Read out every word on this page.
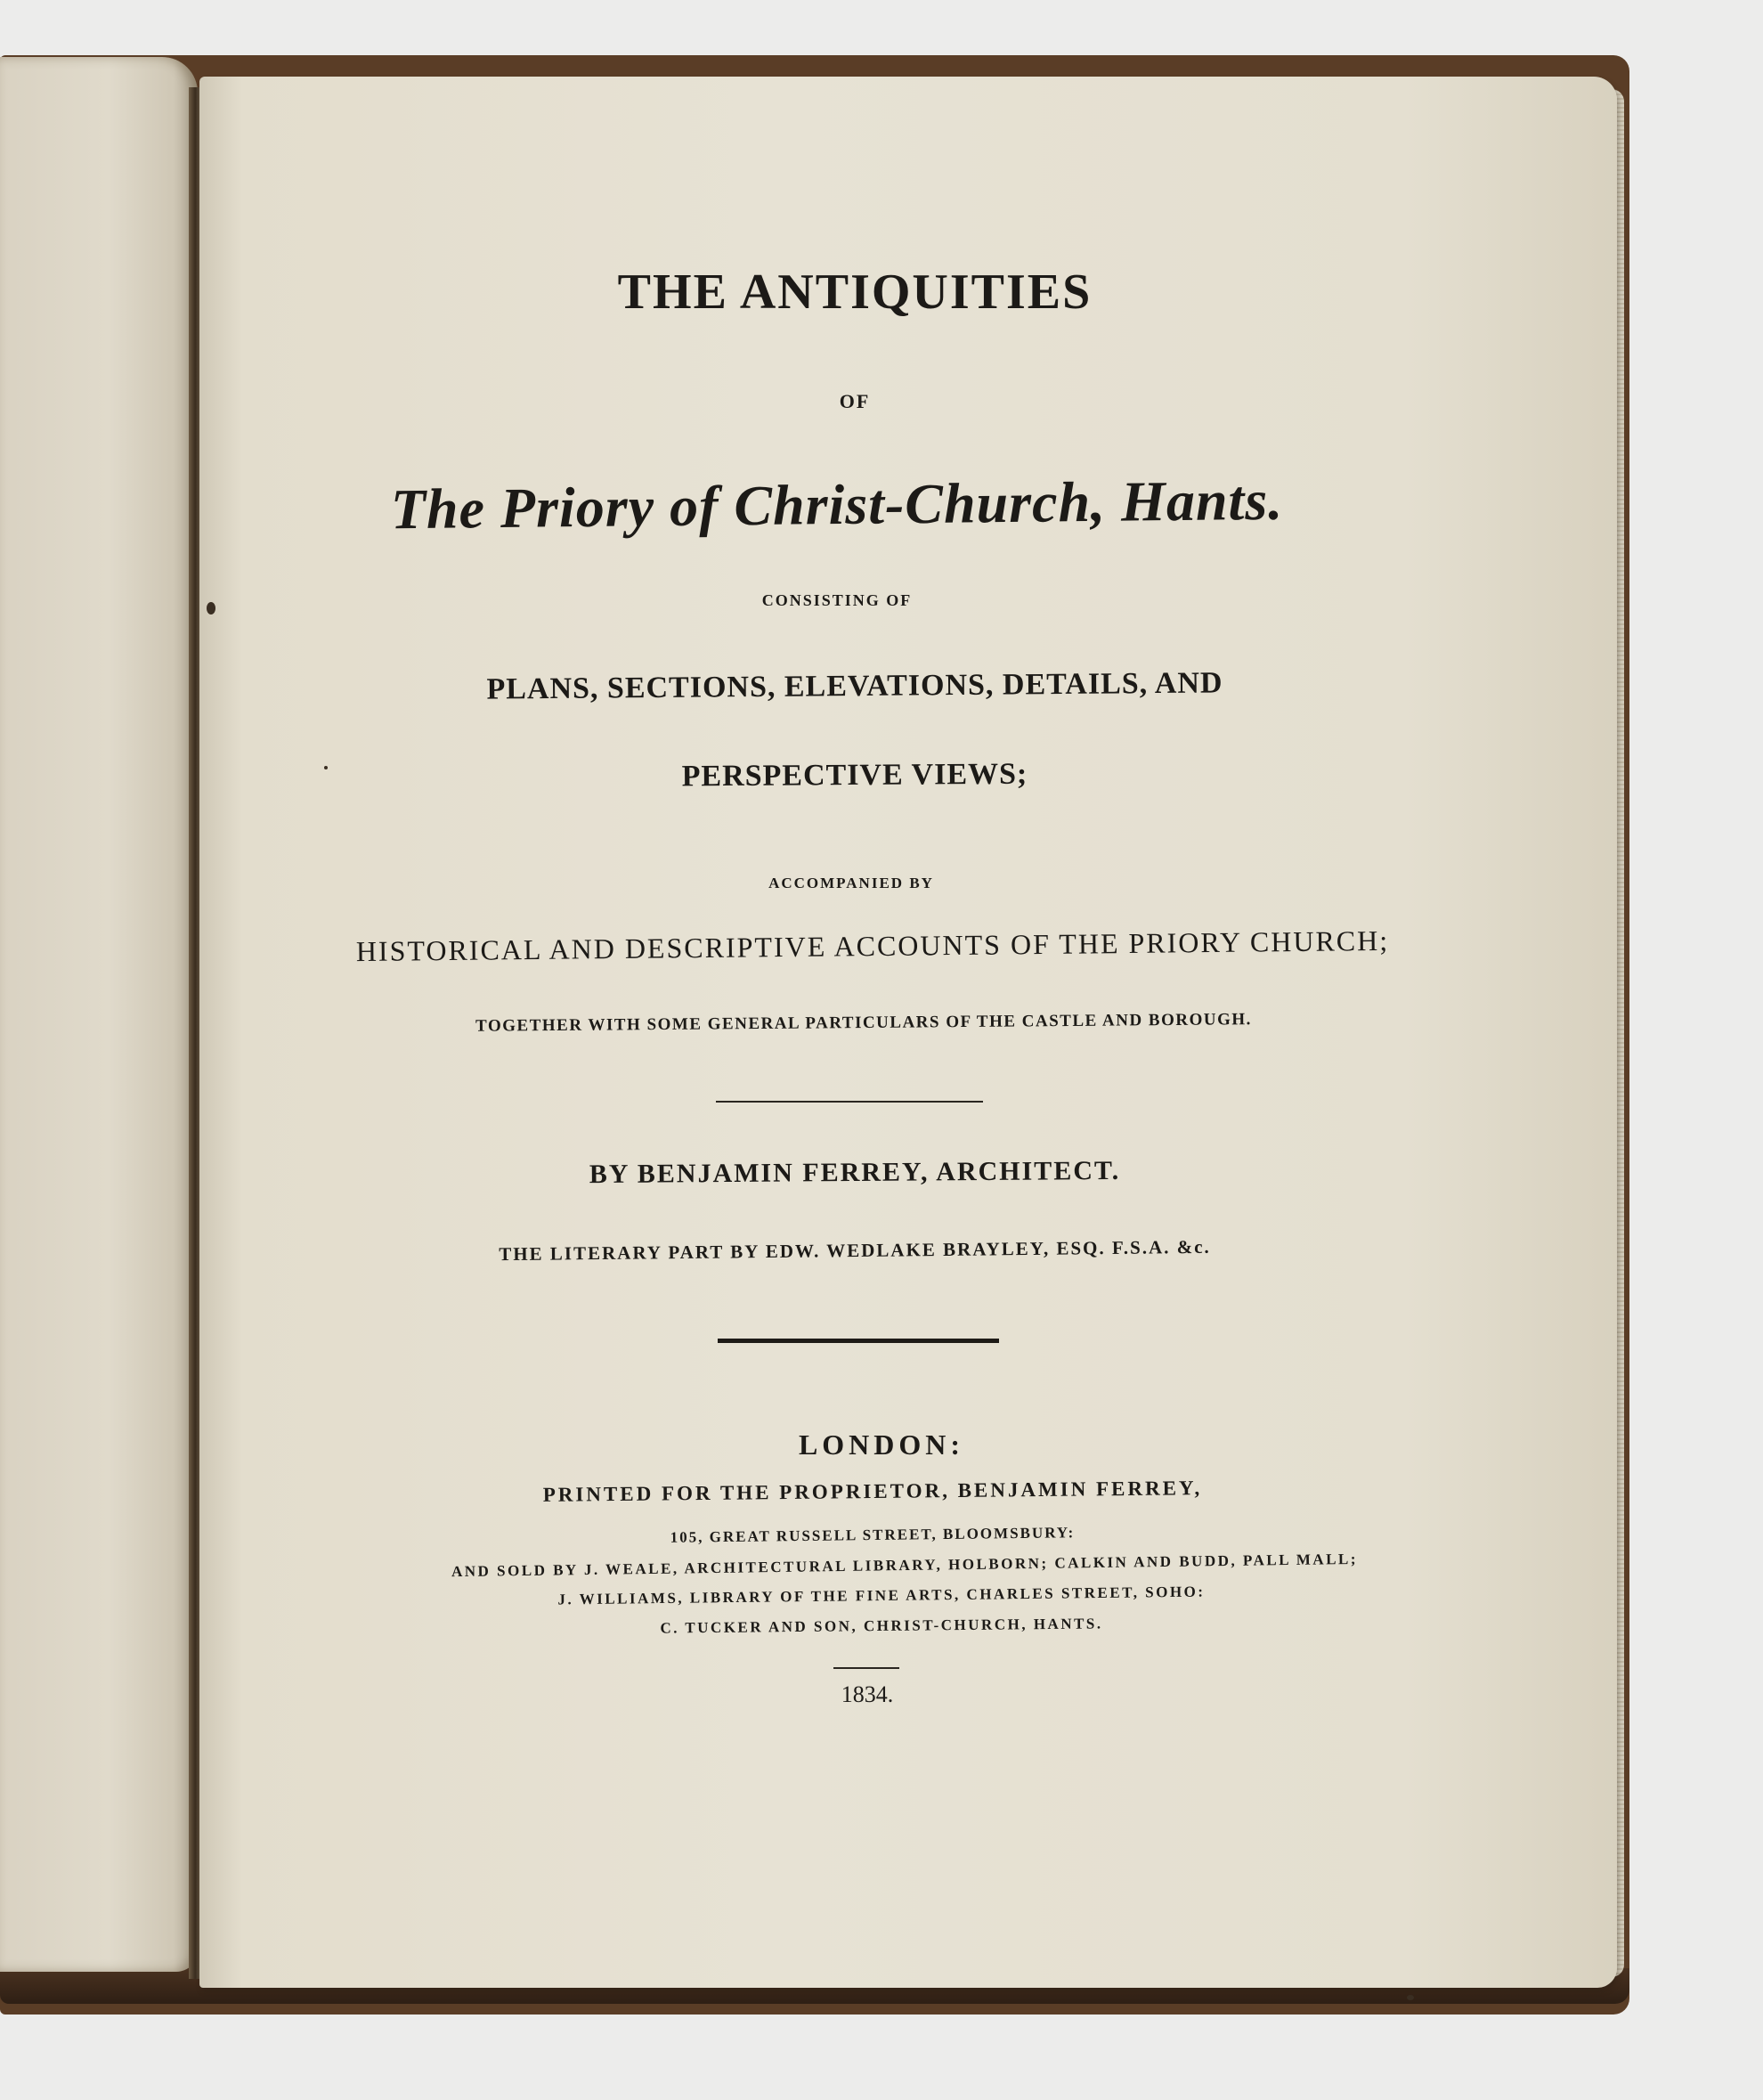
THE ANTIQUITIES
OF
The Priory of Christ-Church, Hants.
CONSISTING OF
PLANS, SECTIONS, ELEVATIONS, DETAILS, AND
PERSPECTIVE VIEWS;
ACCOMPANIED BY
HISTORICAL AND DESCRIPTIVE ACCOUNTS OF THE PRIORY CHURCH;
TOGETHER WITH SOME GENERAL PARTICULARS OF THE CASTLE AND BOROUGH.
BY BENJAMIN FERREY, ARCHITECT.
THE LITERARY PART BY EDW. WEDLAKE BRAYLEY, ESQ. F.S.A. &c.
LONDON:
PRINTED FOR THE PROPRIETOR, BENJAMIN FERREY,
105, GREAT RUSSELL STREET, BLOOMSBURY:
AND SOLD BY J. WEALE, ARCHITECTURAL LIBRARY, HOLBORN; CALKIN AND BUDD, PALL MALL;
J. WILLIAMS, LIBRARY OF THE FINE ARTS, CHARLES STREET, SOHO:
C. TUCKER AND SON, CHRIST-CHURCH, HANTS.
1834.
